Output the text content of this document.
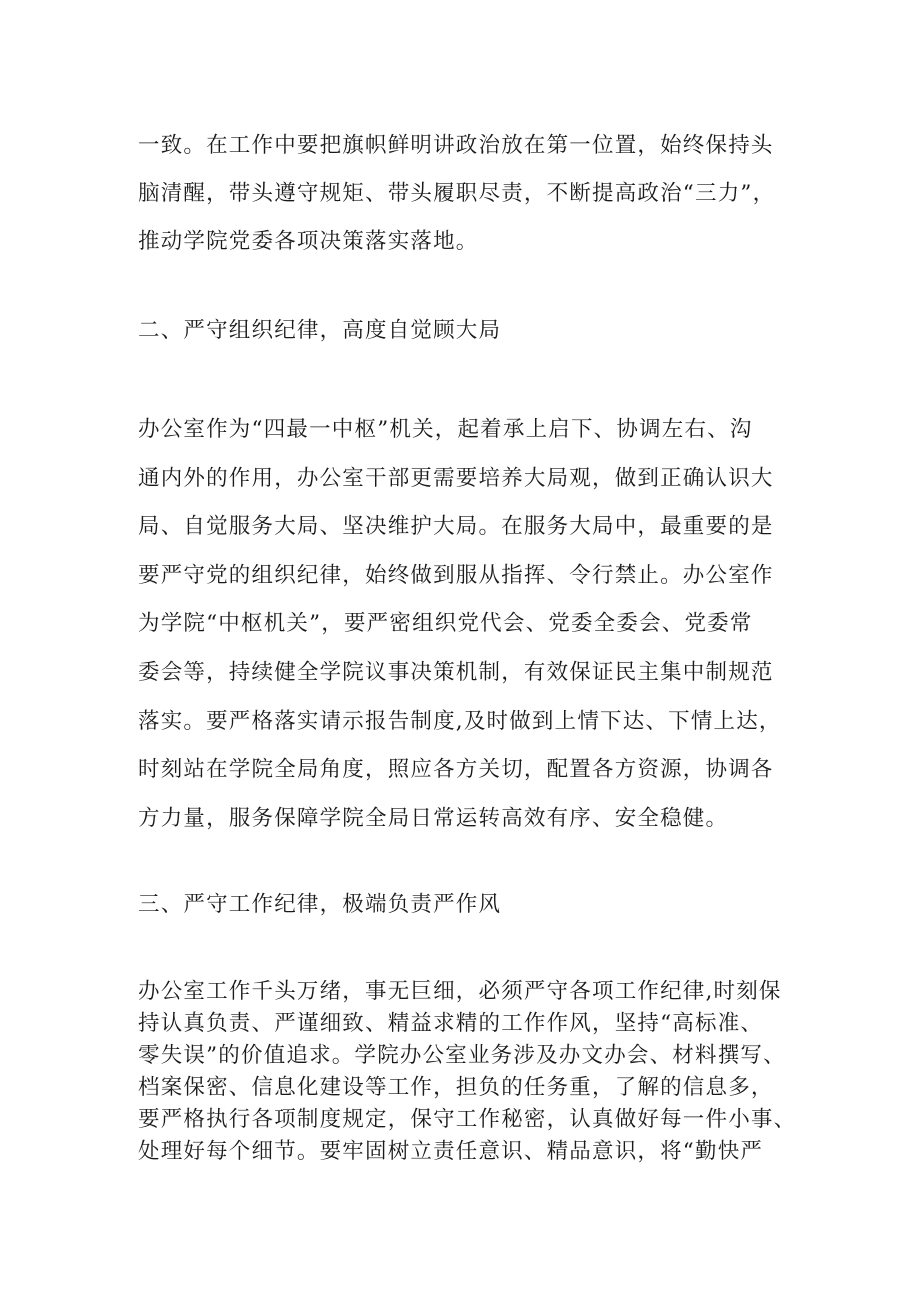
一致。在工作中要把旗帜鲜明讲政治放在第一位置，始终保持头
脑清醒，带头遵守规矩、带头履职尽责，不断提高政治“三力”，
推动学院党委各项决策落实落地。

二、严守组织纪律，高度自觉顾大局

办公室作为“四最一中枢”机关，起着承上启下、协调左右、沟
通内外的作用，办公室干部更需要培养大局观，做到正确认识大
局、自觉服务大局、坚决维护大局。在服务大局中，最重要的是
要严守党的组织纪律，始终做到服从指挥、令行禁止。办公室作
为学院“中枢机关”，要严密组织党代会、党委全委会、党委常
委会等，持续健全学院议事决策机制，有效保证民主集中制规范
落实。要严格落实请示报告制度,及时做到上情下达、下情上达，
时刻站在学院全局角度，照应各方关切，配置各方资源，协调各
方力量，服务保障学院全局日常运转高效有序、安全稳健。

三、严守工作纪律，极端负责严作风

办公室工作千头万绪，事无巨细，必须严守各项工作纪律,时刻保
持认真负责、严谨细致、精益求精的工作作风，坚持“高标准、
零失误”的价值追求。学院办公室业务涉及办文办会、材料撰写、
档案保密、信息化建设等工作，担负的任务重，了解的信息多，
要严格执行各项制度规定，保守工作秘密，认真做好每一件小事、
处理好每个细节。要牢固树立责任意识、精品意识，将“勤快严
